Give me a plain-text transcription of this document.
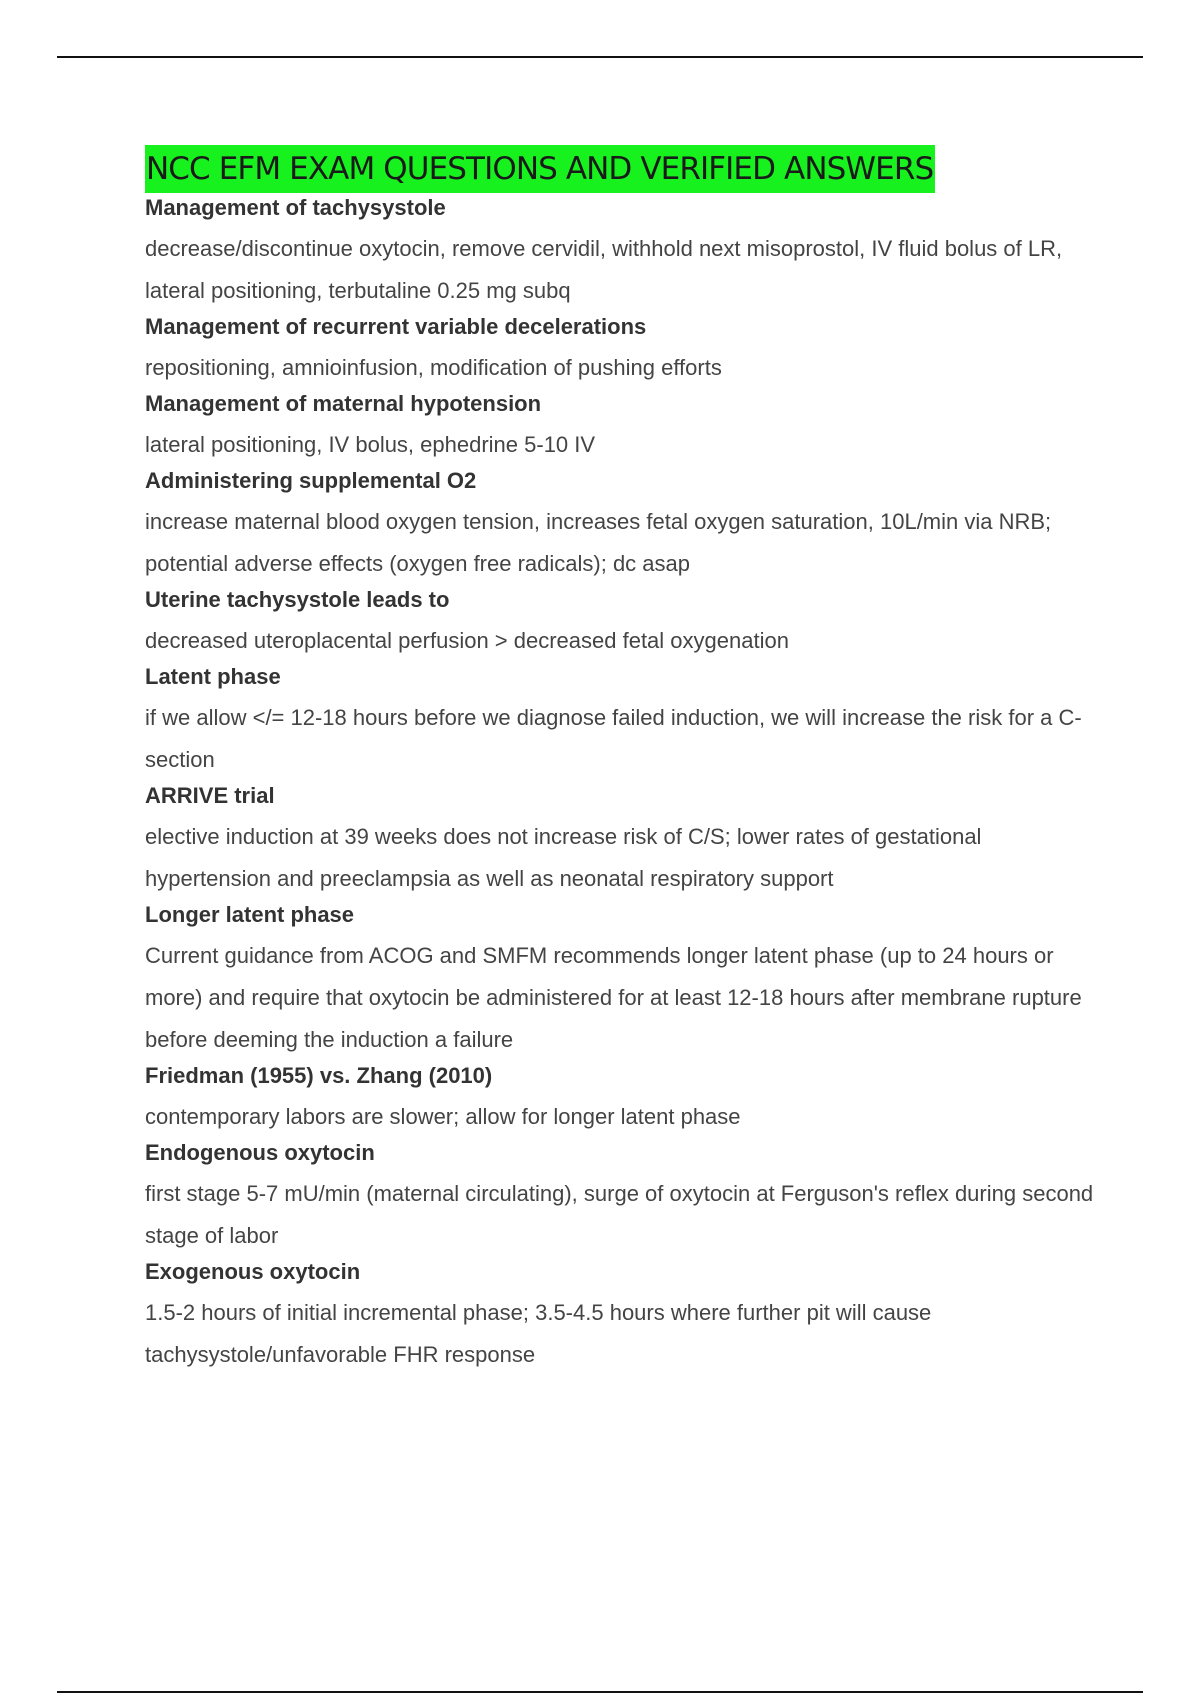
NCC EFM EXAM QUESTIONS AND VERIFIED ANSWERS

Management of tachysystole

decrease/discontinue oxytocin, remove cervidil, withhold next misoprostol, IV fluid bolus of LR, lateral positioning, terbutaline 0.25 mg subq

Management of recurrent variable decelerations

repositioning, amnioinfusion, modification of pushing efforts

Management of maternal hypotension

lateral positioning, IV bolus, ephedrine 5-10 IV

Administering supplemental O2

increase maternal blood oxygen tension, increases fetal oxygen saturation, 10L/min via NRB; potential adverse effects (oxygen free radicals); dc asap

Uterine tachysystole leads to

decreased uteroplacental perfusion > decreased fetal oxygenation

Latent phase

if we allow </= 12-18 hours before we diagnose failed induction, we will increase the risk for a C-section

ARRIVE trial

elective induction at 39 weeks does not increase risk of C/S; lower rates of gestational hypertension and preeclampsia as well as neonatal respiratory support

Longer latent phase

Current guidance from ACOG and SMFM recommends longer latent phase (up to 24 hours or more) and require that oxytocin be administered for at least 12-18 hours after membrane rupture before deeming the induction a failure

Friedman (1955) vs. Zhang (2010)

contemporary labors are slower; allow for longer latent phase

Endogenous oxytocin

first stage 5-7 mU/min (maternal circulating), surge of oxytocin at Ferguson's reflex during second stage of labor

Exogenous oxytocin

1.5-2 hours of initial incremental phase; 3.5-4.5 hours where further pit will cause tachysystole/unfavorable FHR response
